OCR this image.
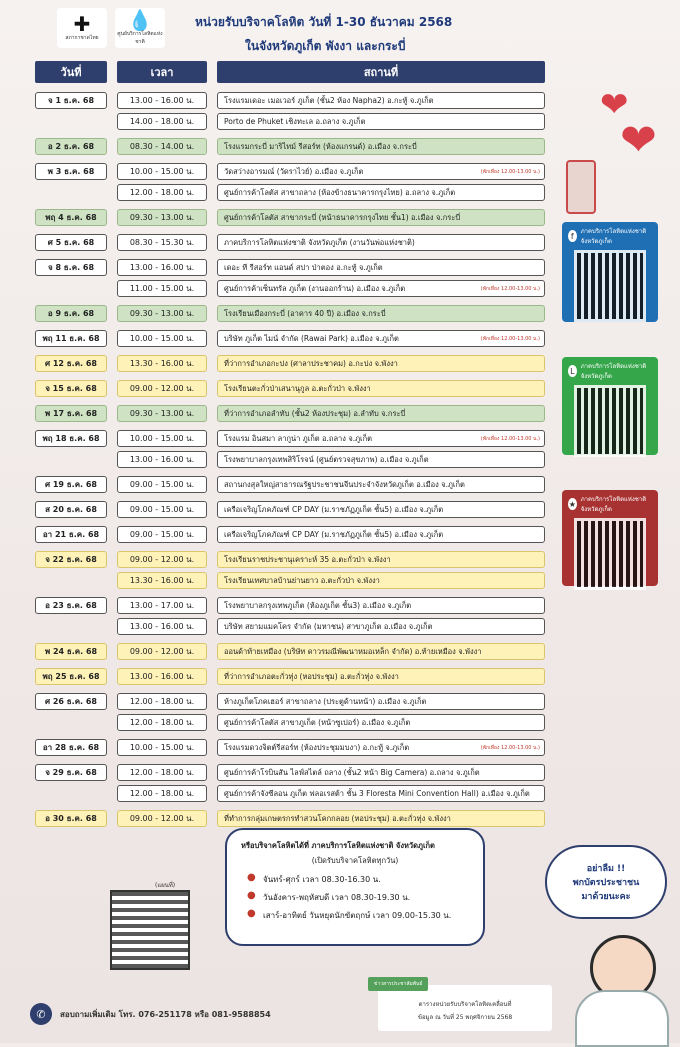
✚
สภากาชาดไทย
💧
ศูนย์บริการโลหิตแห่งชาติ
หน่วยรับบริจาคโลหิต วันที่ 1-30 ธันวาคม 2568
ในจังหวัดภูเก็ต พังงา และกระบี่
วันที่	เวลา	สถานที่
จ 1 ธ.ค. 68	13.00 - 16.00 น.	โรงแรมเดอะ เมอเวอร์ ภูเก็ต (ชั้น2 ห้อง Napha2) อ.กะทู้ จ.ภูเก็ต
14.00 - 18.00 น.	Porto de Phuket เชิงทะเล อ.ถลาง จ.ภูเก็ต
อ 2 ธ.ค. 68	08.30 - 14.00 น.	โรงแรมกระบี่ มาริไทม์ รีสอร์ท (ห้องแกรนด์) อ.เมือง จ.กระบี่
พ 3 ธ.ค. 68	10.00 - 15.00 น.	วัดสว่างอารมณ์ (วัดราไวย์) อ.เมือง จ.ภูเก็ต	(พักเที่ยง 12.00-13.00 น.)
12.00 - 18.00 น.	ศูนย์การค้าโลตัส สาขาถลาง (ห้องข้างธนาคารกรุงไทย) อ.ถลาง จ.ภูเก็ต
พฤ 4 ธ.ค. 68	09.30 - 13.00 น.	ศูนย์การค้าโลตัส สาขากระบี่ (หน้าธนาคารกรุงไทย ชั้น1) อ.เมือง จ.กระบี่
ศ 5 ธ.ค. 68	08.30 - 15.30 น.	ภาคบริการโลหิตแห่งชาติ จังหวัดภูเก็ต (งานวันพ่อแห่งชาติ)
จ 8 ธ.ค. 68	13.00 - 16.00 น.	เดอะ ที รีสอร์ท แอนด์ สปา ป่าตอง อ.กะทู้ จ.ภูเก็ต
11.00 - 15.00 น.	ศูนย์การค้าเซ็นทรัล ภูเก็ต (งานออกร้าน) อ.เมือง จ.ภูเก็ต	(พักเที่ยง 12.00-13.00 น.)
อ 9 ธ.ค. 68	09.30 - 13.00 น.	โรงเรียนเมืองกระบี่ (อาคาร 40 ปี) อ.เมือง จ.กระบี่
พฤ 11 ธ.ค. 68	10.00 - 15.00 น.	บริษัท ภูเก็ต ไมน์ จำกัด (Rawai Park) อ.เมือง จ.ภูเก็ต	(พักเที่ยง 12.00-13.00 น.)
ศ 12 ธ.ค. 68	13.30 - 16.00 น.	ที่ว่าการอำเภอกะปง (ศาลาประชาคม) อ.กะปง จ.พังงา
จ 15 ธ.ค. 68	09.00 - 12.00 น.	โรงเรียนตะกั่วป่าเสนานุกูล อ.ตะกั่วป่า จ.พังงา
พ 17 ธ.ค. 68	09.30 - 13.00 น.	ที่ว่าการอำเภอลำทับ (ชั้น2 ห้องประชุม) อ.ลำทับ จ.กระบี่
พฤ 18 ธ.ค. 68	10.00 - 15.00 น.	โรงแรม อินสมา ลากูน่า ภูเก็ต อ.ถลาง จ.ภูเก็ต	(พักเที่ยง 12.00-13.00 น.)
13.00 - 16.00 น.	โรงพยาบาลกรุงเทพสิริโรจน์ (ศูนย์ตรวจสุขภาพ) อ.เมือง จ.ภูเก็ต
ศ 19 ธ.ค. 68	09.00 - 15.00 น.	สถานกงสุลใหญ่สาธารณรัฐประชาชนจีนประจำจังหวัดภูเก็ต อ.เมือง จ.ภูเก็ต
ส 20 ธ.ค. 68	09.00 - 15.00 น.	เครือเจริญโภคภัณฑ์ CP DAY (ม.ราชภัฏภูเก็ต ชั้น5) อ.เมือง จ.ภูเก็ต
อา 21 ธ.ค. 68	09.00 - 15.00 น.	เครือเจริญโภคภัณฑ์ CP DAY (ม.ราชภัฏภูเก็ต ชั้น5) อ.เมือง จ.ภูเก็ต
จ 22 ธ.ค. 68	09.00 - 12.00 น.	โรงเรียนราชประชานุเคราะห์ 35 อ.ตะกั่วป่า จ.พังงา
13.30 - 16.00 น.	โรงเรียนเทศบาลบ้านย่านยาว อ.ตะกั่วป่า จ.พังงา
อ 23 ธ.ค. 68	13.00 - 17.00 น.	โรงพยาบาลกรุงเทพภูเก็ต (ห้องภูเก็ต ชั้น3) อ.เมือง จ.ภูเก็ต
13.00 - 16.00 น.	บริษัท สยามแมคโคร จำกัด (มหาชน) สาขาภูเก็ต อ.เมือง จ.ภูเก็ต
พ 24 ธ.ค. 68	09.00 - 12.00 น.	ออนด้าท้ายเหมือง (บริษัท ดาวรมณีพัฒนาหมอเหล็ก จำกัด) อ.ท้ายเหมือง จ.พังงา
พฤ 25 ธ.ค. 68	13.00 - 16.00 น.	ที่ว่าการอำเภอตะกั่วทุ่ง (หอประชุม) อ.ตะกั่วทุ่ง จ.พังงา
ศ 26 ธ.ค. 68	12.00 - 18.00 น.	ห้างภูเก็ตโภคเฮอร์ สาขาถลาง (ประตูด้านหน้า) อ.เมือง จ.ภูเก็ต
12.00 - 18.00 น.	ศูนย์การค้าโลตัส สาขาภูเก็ต (หน้าซูเปอร์) อ.เมือง จ.ภูเก็ต
อา 28 ธ.ค. 68	10.00 - 15.00 น.	โรงแรมดวงจิตต์รีสอร์ท (ห้องประชุมมบงา) อ.กะทู้ จ.ภูเก็ต	(พักเที่ยง 12.00-13.00 น.)
จ 29 ธ.ค. 68	12.00 - 18.00 น.	ศูนย์การค้าโรบินสัน ไลฟ์สไตล์ ถลาง (ชั้น2 หน้า Big Camera) อ.ถลาง จ.ภูเก็ต
12.00 - 18.00 น.	ศูนย์การค้าจังซีลอน ภูเก็ต ฟลอเรสต้า ชั้น 3 Floresta Mini Convention Hall) อ.เมือง จ.ภูเก็ต
อ 30 ธ.ค. 68	09.00 - 12.00 น.	ที่ทำการกลุ่มเกษตรกรทำสวนโคกกลอย (หอประชุม) อ.ตะกั่วทุ่ง จ.พังงา
❤
❤
f	ภาคบริการโลหิตแห่งชาติ จังหวัดภูเก็ต
L	ภาคบริการโลหิตแห่งชาติ จังหวัดภูเก็ต
★ ภาคบริการโลหิตแห่งชาติ จังหวัดภูเก็ต
(แผนที่)
หรือบริจาคโลหิตได้ที่ ภาคบริการโลหิตแห่งชาติ จังหวัดภูเก็ต
(เปิดรับบริจาคโลหิตทุกวัน)
● จันทร์-ศุกร์ เวลา 08.30-16.30 น.
● วันอังคาร-พฤหัสบดี เวลา 08.30-19.30 น.
● เสาร์-อาทิตย์ วันหยุดนักขัตฤกษ์ เวลา 09.00-15.30 น.
อย่าลืม !!
พกบัตรประชาชน
มาด้วยนะคะ
ข่าวสารประชาสัมพันธ์
ตารางหน่วยรับบริจาคโลหิตเคลื่อนที่
ข้อมูล ณ วันที่ 25 พฤศจิกายน 2568
✆	สอบถามเพิ่มเติม โทร. 076-251178 หรือ 081-9588854
